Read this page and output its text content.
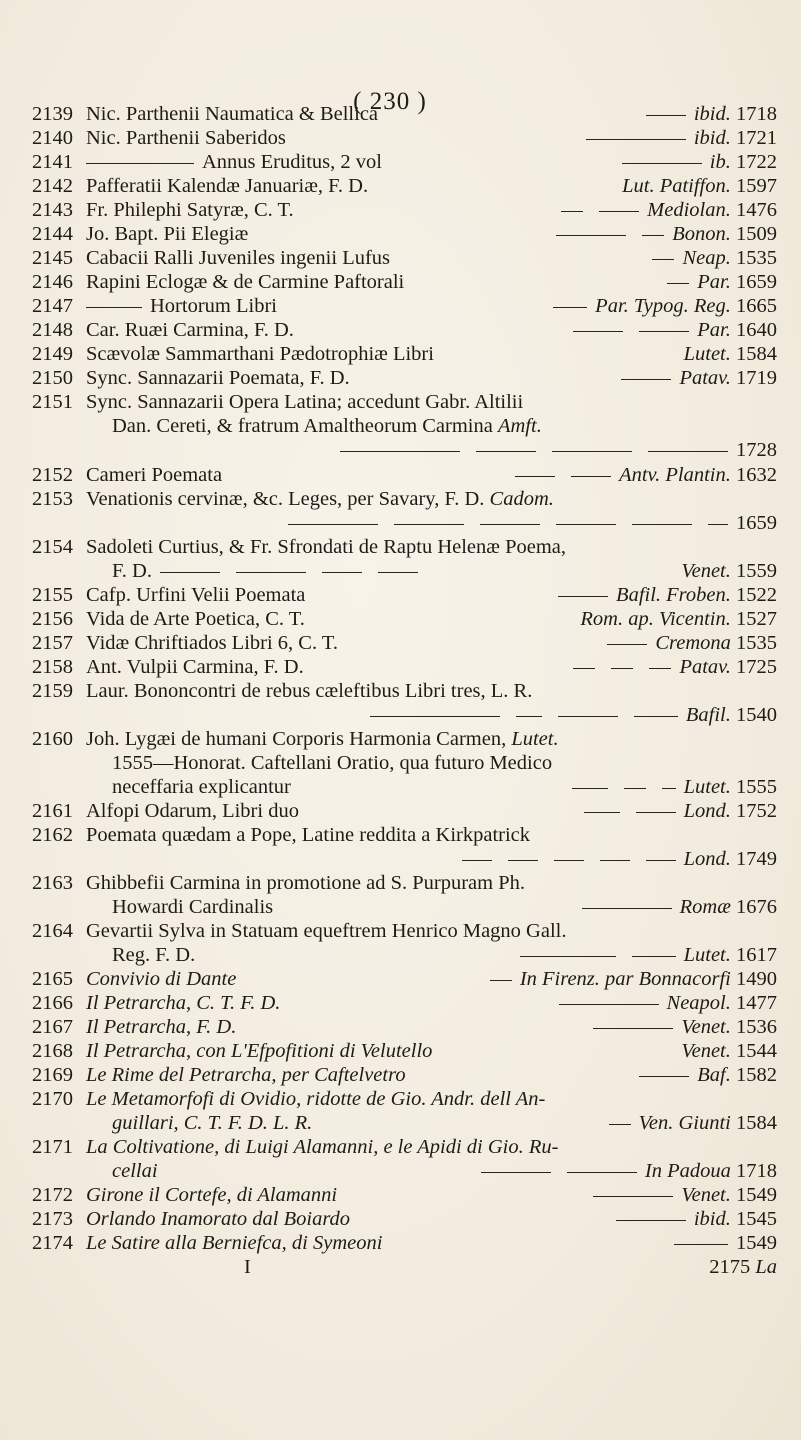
( 230 )
2139 Nic. Parthenii Naumatica & Bellica	ibid. 1718
2140 Nic. Parthenii Saberidos	ibid. 1721
2141	Annus Eruditus, 2 vol	ib. 1722
2142 Pafferatii Kalendæ Januariæ, F. D.	Lut. Patiffon. 1597
2143 Fr. Philephi Satyræ, C. T.	Mediolan. 1476
2144 Jo. Bapt. Pii Elegiæ	Bonon. 1509
2145 Cabacii Ralli Juveniles ingenii Lufus	Neap. 1535
2146 Rapini Eclogæ & de Carmine Paftorali	Par. 1659
2147	Hortorum Libri	Par. Typog. Reg. 1665
2148 Car. Ruæi Carmina, F. D.	Par. 1640
2149 Scævolæ Sammarthani Pædotrophiæ Libri	Lutet. 1584
2150 Sync. Sannazarii Poemata, F. D.	Patav. 1719
2151 Sync. Sannazarii Opera Latina; accedunt Gabr. Altilii
Dan. Cereti, & fratrum Amaltheorum Carmina Amft.
1728
2152 Cameri Poemata	Antv. Plantin. 1632
2153 Venationis cervinæ, &c. Leges, per Savary, F. D. Cadom.
1659
2154 Sadoleti Curtius, & Fr. Sfrondati de Raptu Helenæ Poema,
F. D.	Venet. 1559
2155 Cafp. Urfini Velii Poemata	Bafil. Froben. 1522
2156 Vida de Arte Poetica, C. T.	Rom. ap. Vicentin. 1527
2157 Vidæ Chriftiados Libri 6, C. T.	Cremona 1535
2158 Ant. Vulpii Carmina, F. D.	Patav. 1725
2159 Laur. Bononcontri de rebus cæleftibus Libri tres, L. R.
Bafil. 1540
2160 Joh. Lygæi de humani Corporis Harmonia Carmen, Lutet.
1555—Honorat. Caftellani Oratio, qua futuro Medico
neceffaria explicantur	Lutet. 1555
2161 Alfopi Odarum, Libri duo	Lond. 1752
2162 Poemata quædam a Pope, Latine reddita a Kirkpatrick
Lond. 1749
2163 Ghibbefii Carmina in promotione ad S. Purpuram Ph.
Howardi Cardinalis	Romæ 1676
2164 Gevartii Sylva in Statuam equeftrem Henrico Magno Gall.
Reg. F. D.	Lutet. 1617
2165 Convivio di Dante	In Firenz. par Bonnacorfi 1490
2166 Il Petrarcha, C. T. F. D.	Neapol. 1477
2167 Il Petrarcha, F. D.	Venet. 1536
2168 Il Petrarcha, con L'Efpofitioni di Velutello	Venet. 1544
2169 Le Rime del Petrarcha, per Caftelvetro	Baf. 1582
2170 Le Metamorfofi di Ovidio, ridotte de Gio. Andr. dell An-
guillari, C. T. F. D. L. R.	Ven. Giunti 1584
2171 La Coltivatione, di Luigi Alamanni, e le Apidi di Gio. Ru-
cellai	In Padoua 1718
2172 Girone il Cortefe, di Alamanni	Venet. 1549
2173 Orlando Inamorato dal Boiardo	ibid. 1545
2174 Le Satire alla Berniefca, di Symeoni	1549
I	2175 La
